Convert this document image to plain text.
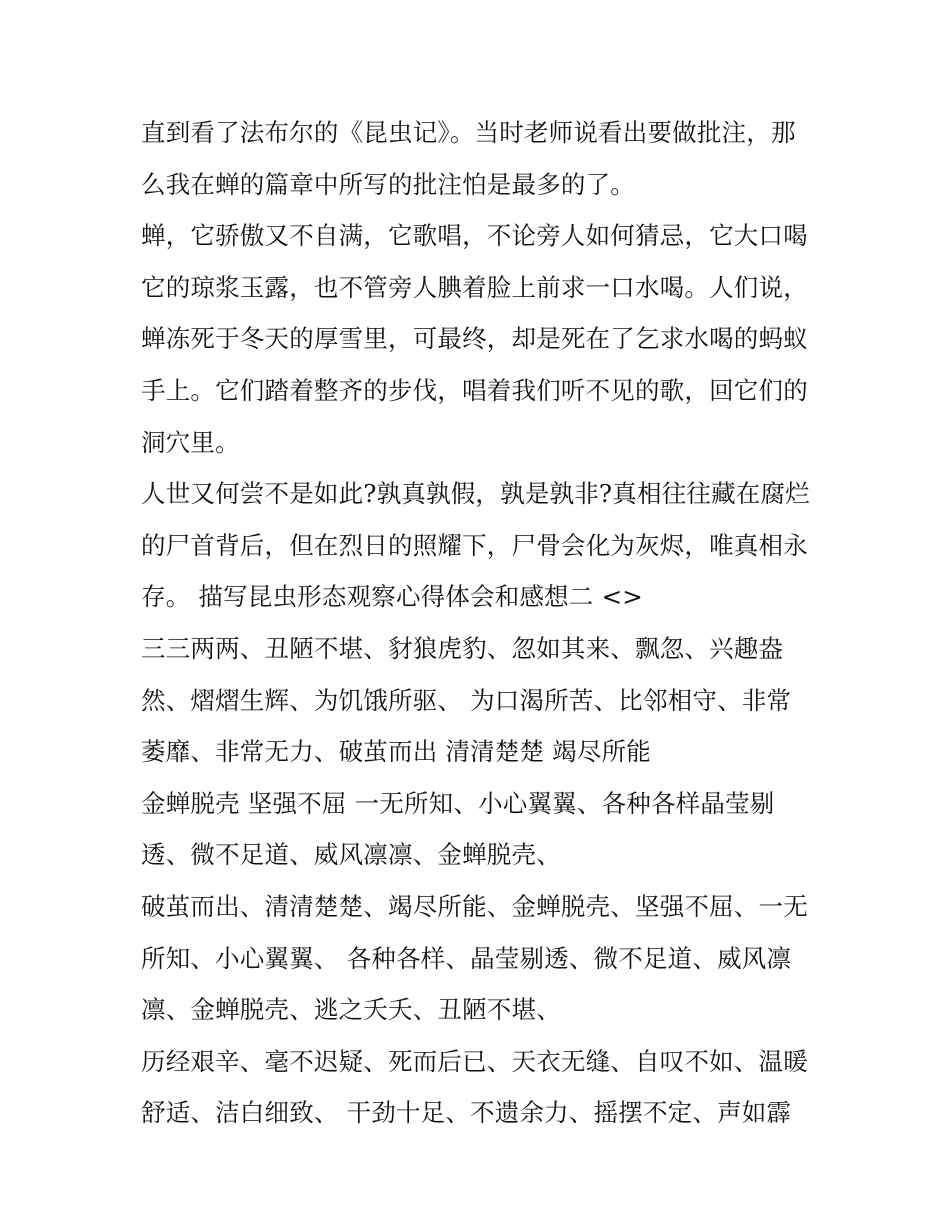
直到看了法布尔的《昆虫记》。当时老师说看出要做批注，那
么我在蝉的篇章中所写的批注怕是最多的了。
蝉，它骄傲又不自满，它歌唱，不论旁人如何猜忌，它大口喝
它的琼浆玉露，也不管旁人腆着脸上前求一口水喝。人们说，
蝉冻死于冬天的厚雪里，可最终，却是死在了乞求水喝的蚂蚁
手上。它们踏着整齐的步伐，唱着我们听不见的歌，回它们的
洞穴里。
人世又何尝不是如此?孰真孰假，孰是孰非?真相往往藏在腐烂
的尸首背后，但在烈日的照耀下，尸骨会化为灰烬，唯真相永
存。 描写昆虫形态观察心得体会和感想二 <>
三三两两、丑陋不堪、豺狼虎豹、忽如其来、飘忽、兴趣盎
然、熠熠生辉、为饥饿所驱、 为口渴所苦、比邻相守、非常
萎靡、非常无力、破茧而出 清清楚楚 竭尽所能
金蝉脱壳 坚强不屈 一无所知、小心翼翼、各种各样晶莹剔
透、微不足道、威风凛凛、金蝉脱壳、
破茧而出、清清楚楚、竭尽所能、金蝉脱壳、坚强不屈、一无
所知、小心翼翼、 各种各样、晶莹剔透、微不足道、威风凛
凛、金蝉脱壳、逃之夭夭、丑陋不堪、
历经艰辛、毫不迟疑、死而后已、天衣无缝、自叹不如、温暖
舒适、洁白细致、 干劲十足、不遗余力、摇摆不定、声如霹
